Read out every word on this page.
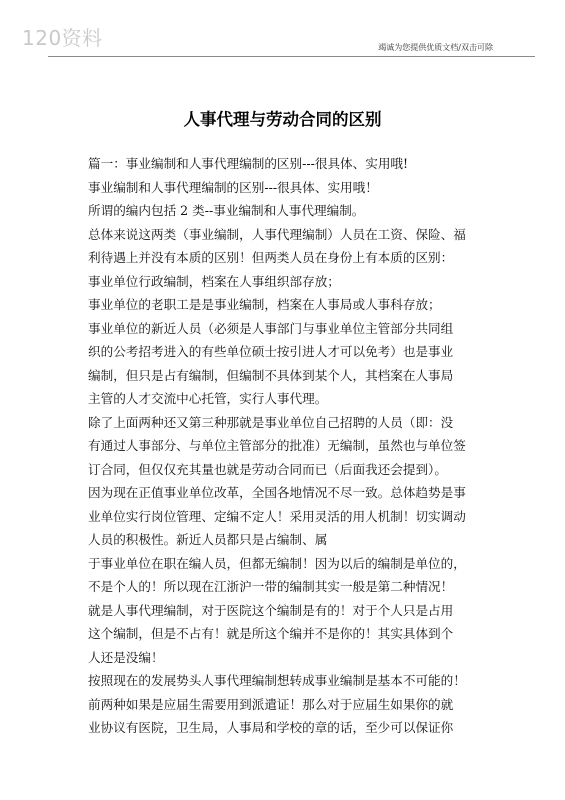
120资料	竭诚为您提供优质文档/双击可除
人事代理与劳动合同的区别
篇一：事业编制和人事代理编制的区别---很具体、实用哦!
事业编制和人事代理编制的区别---很具体、实用哦！
所谓的编内包括 2 类--事业编制和人事代理编制。
总体来说这两类（事业编制，人事代理编制）人员在工资、保险、福
利待遇上并没有本质的区别！但两类人员在身份上有本质的区别：
事业单位行政编制，档案在人事组织部存放；
事业单位的老职工是是事业编制，档案在人事局或人事科存放；
事业单位的新近人员（必须是人事部门与事业单位主管部分共同组
织的公考招考进入的有些单位硕士按引进人才可以免考）也是事业
编制，但只是占有编制，但编制不具体到某个人，其档案在人事局
主管的人才交流中心托管，实行人事代理。
除了上面两种还又第三种那就是事业单位自己招聘的人员（即：没
有通过人事部分、与单位主管部分的批准）无编制，虽然也与单位签
订合同，但仅仅充其量也就是劳动合同而已（后面我还会提到）。
因为现在正值事业单位改革，全国各地情况不尽一致。总体趋势是事
业单位实行岗位管理、定编不定人！采用灵活的用人机制！切实调动
人员的积极性。新近人员都只是占编制、属
于事业单位在职在编人员，但都无编制！因为以后的编制是单位的，
不是个人的！所以现在江浙沪一带的编制其实一般是第二种情况！
就是人事代理编制，对于医院这个编制是有的！对于个人只是占用
这个编制，但是不占有！就是所这个编并不是你的！其实具体到个
人还是没编！
按照现在的发展势头人事代理编制想转成事业编制是基本不可能的！
前两种如果是应届生需要用到派遣证！那么对于应届生如果你的就
业协议有医院，卫生局，人事局和学校的章的话，至少可以保证你
